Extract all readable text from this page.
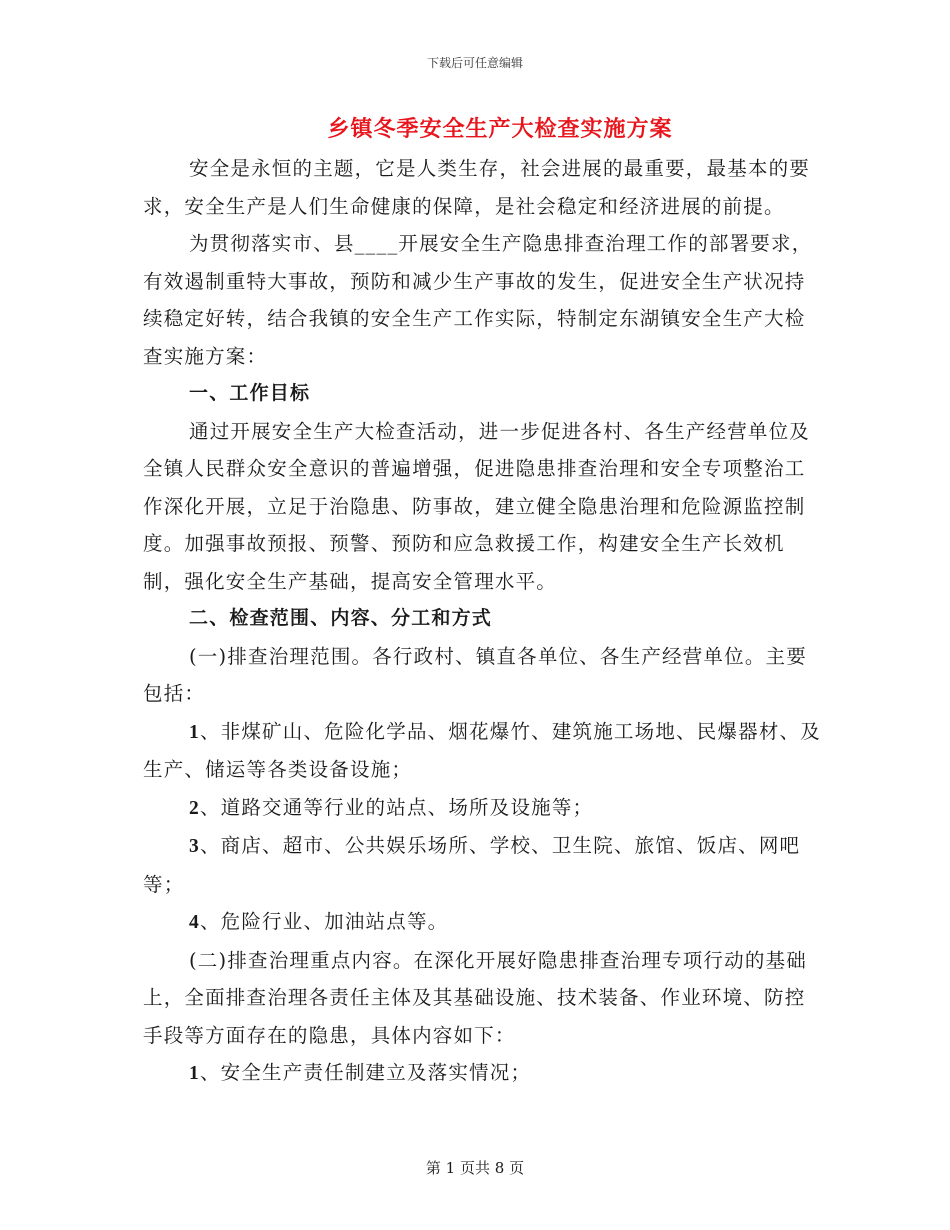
下载后可任意编辑
乡镇冬季安全生产大检查实施方案

安全是永恒的主题，它是人类生存，社会进展的最重要，最基本的要求，安全生产是人们生命健康的保障，是社会稳定和经济进展的前提。

为贯彻落实市、县____开展安全生产隐患排查治理工作的部署要求，有效遏制重特大事故，预防和减少生产事故的发生，促进安全生产状况持续稳定好转，结合我镇的安全生产工作实际，特制定东湖镇安全生产大检查实施方案：

一、工作目标

通过开展安全生产大检查活动，进一步促进各村、各生产经营单位及全镇人民群众安全意识的普遍增强，促进隐患排查治理和安全专项整治工作深化开展，立足于治隐患、防事故，建立健全隐患治理和危险源监控制度。加强事故预报、预警、预防和应急救援工作，构建安全生产长效机制，强化安全生产基础，提高安全管理水平。

二、检查范围、内容、分工和方式

(一)排查治理范围。各行政村、镇直各单位、各生产经营单位。主要包括：

1、非煤矿山、危险化学品、烟花爆竹、建筑施工场地、民爆器材、及生产、储运等各类设备设施；

2、道路交通等行业的站点、场所及设施等；

3、商店、超市、公共娱乐场所、学校、卫生院、旅馆、饭店、网吧等；

4、危险行业、加油站点等。

(二)排查治理重点内容。在深化开展好隐患排查治理专项行动的基础上，全面排查治理各责任主体及其基础设施、技术装备、作业环境、防控手段等方面存在的隐患，具体内容如下：

1、安全生产责任制建立及落实情况；

第 1 页共 8 页
